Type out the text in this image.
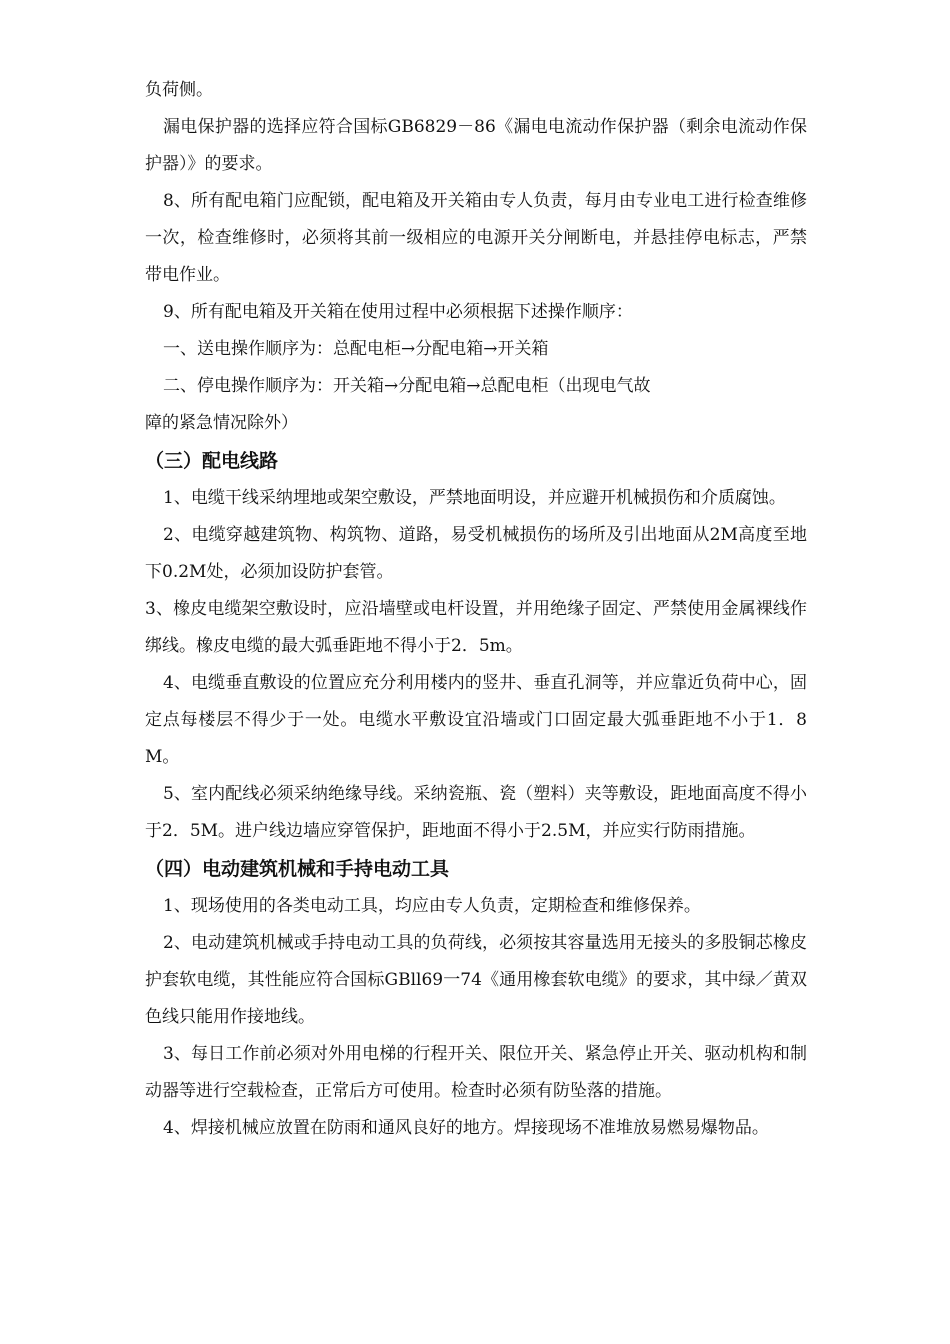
负荷侧。

漏电保护器的选择应符合国标GB6829－86《漏电电流动作保护器（剩余电流动作保护器）》的要求。

8、所有配电箱门应配锁，配电箱及开关箱由专人负责，每月由专业电工进行检查维修一次，检查维修时，必须将其前一级相应的电源开关分闸断电，并悬挂停电标志，严禁带电作业。

9、所有配电箱及开关箱在使用过程中必须根据下述操作顺序：

一、送电操作顺序为：总配电柜→分配电箱→开关箱

二、停电操作顺序为：开关箱→分配电箱→总配电柜（出现电气故

障的紧急情况除外）

（三）配电线路

1、电缆干线采纳埋地或架空敷设，严禁地面明设，并应避开机械损伤和介质腐蚀。

2、电缆穿越建筑物、构筑物、道路，易受机械损伤的场所及引出地面从2M高度至地下0.2M处，必须加设防护套管。

3、橡皮电缆架空敷设时，应沿墙壁或电杆设置，并用绝缘子固定、严禁使用金属裸线作绑线。橡皮电缆的最大弧垂距地不得小于2．5m。

4、电缆垂直敷设的位置应充分利用楼内的竖井、垂直孔洞等，并应靠近负荷中心，固定点每楼层不得少于一处。电缆水平敷设宜沿墙或门口固定最大弧垂距地不小于1．8M。

5、室内配线必须采纳绝缘导线。采纳瓷瓶、瓷（塑料）夹等敷设，距地面高度不得小于2．5M。进户线边墙应穿管保护，距地面不得小于2.5M，并应实行防雨措施。

（四）电动建筑机械和手持电动工具

1、现场使用的各类电动工具，均应由专人负责，定期检查和维修保养。

2、电动建筑机械或手持电动工具的负荷线，必须按其容量选用无接头的多股铜芯橡皮护套软电缆，其性能应符合国标GBll69一74《通用橡套软电缆》的要求，其中绿／黄双色线只能用作接地线。

3、每日工作前必须对外用电梯的行程开关、限位开关、紧急停止开关、驱动机构和制动器等进行空载检查，正常后方可使用。检查时必须有防坠落的措施。

4、焊接机械应放置在防雨和通风良好的地方。焊接现场不准堆放易燃易爆物品。
